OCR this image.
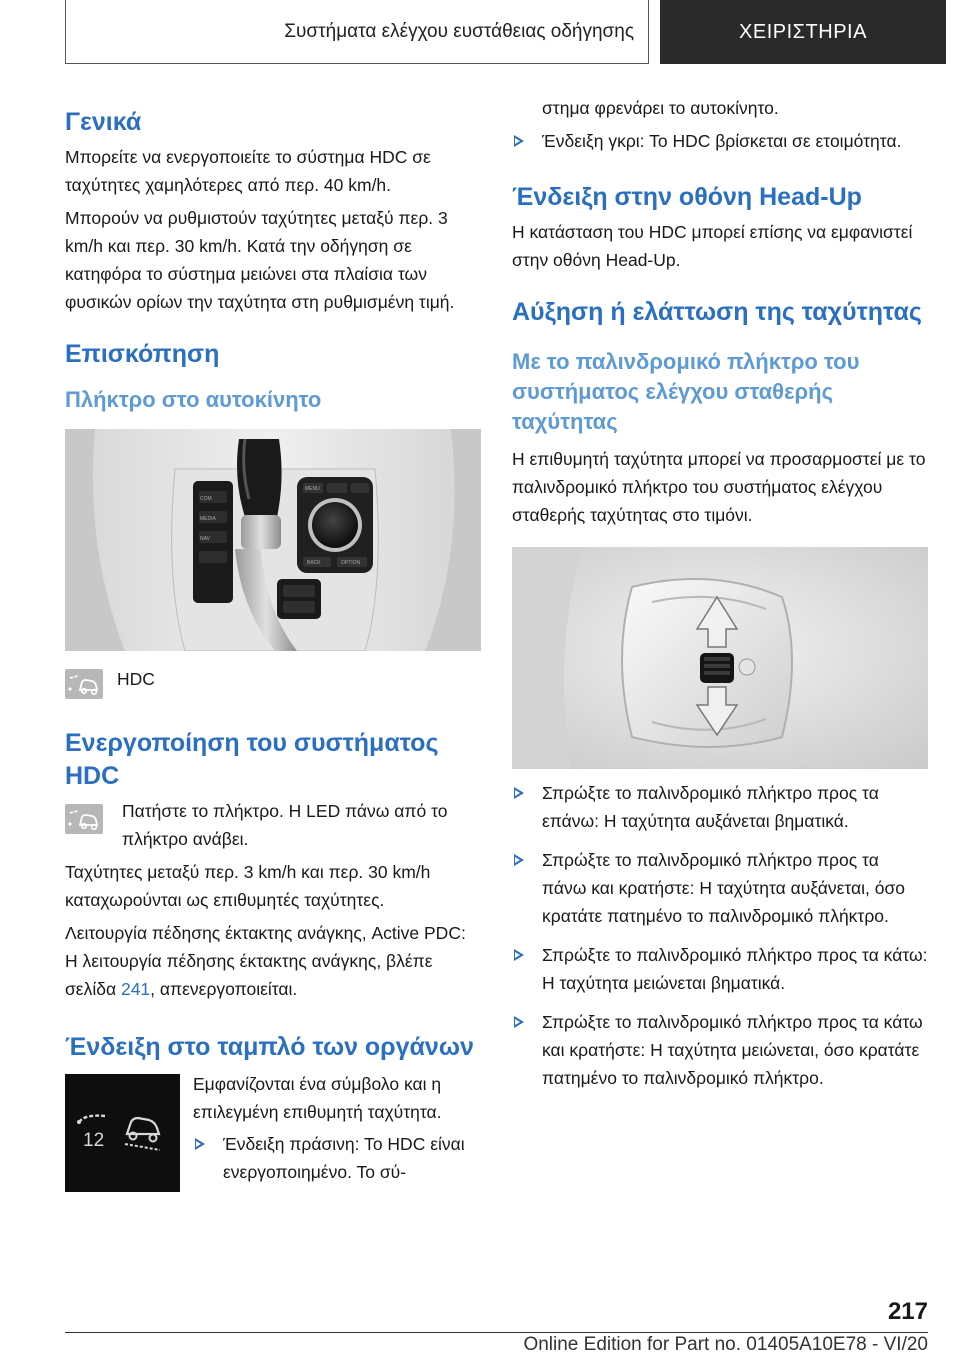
Συστήματα ελέγχου ευστάθειας οδήγησης	ΧΕΙΡΙΣΤΗΡΙΑ
Γενικά

Μπορείτε να ενεργοποιείτε το σύστημα HDC σε ταχύτητες χαμηλότερες από περ. 40 km/h.

Μπορούν να ρυθμιστούν ταχύτητες μεταξύ περ. 3 km/h και περ. 30 km/h. Κατά την οδήγηση σε κατηφόρα το σύστημα μειώνει στα πλαίσια των φυσικών ορίων την ταχύτητα στη ρυθμισμένη τιμή.

Επισκόπηση
Πλήκτρο στο αυτοκίνητο
COM
MEDIA
NAV
MENU
BACK	OPTION

HDC

Ενεργοποίηση του συστήματος HDC

Πατήστε το πλήκτρο. Η LED πάνω από το πλήκτρο ανάβει.

Ταχύτητες μεταξύ περ. 3 km/h και περ. 30 km/h καταχωρούνται ως επιθυμητές ταχύτητες.

Λειτουργία πέδησης έκτακτης ανάγκης, Active PDC: Η λειτουργία πέδησης έκτακτης ανάγκης, βλέπε σελίδα 241, απενεργοποιείται.

Ένδειξη στο ταμπλό των οργάνων
12

Εμφανίζονται ένα σύμβολο και η επιλεγμένη επιθυμητή ταχύτητα.

Ένδειξη πράσινη: Το HDC είναι ενεργοποιημένο. Το σύ-

στημα φρενάρει το αυτοκίνητο.

Ένδειξη γκρι: Το HDC βρίσκεται σε ετοιμότητα.

Ένδειξη στην οθόνη Head-Up

Η κατάσταση του HDC μπορεί επίσης να εμφανιστεί στην οθόνη Head-Up.

Αύξηση ή ελάττωση της ταχύτητας
Με το παλινδρομικό πλήκτρο του συστήματος ελέγχου σταθερής ταχύτητας

Η επιθυμητή ταχύτητα μπορεί να προσαρμοστεί με το παλινδρομικό πλήκτρο του συστήματος ελέγχου σταθερής ταχύτητας στο τιμόνι.

Σπρώξτε το παλινδρομικό πλήκτρο προς τα επάνω: Η ταχύτητα αυξάνεται βηματικά.

Σπρώξτε το παλινδρομικό πλήκτρο προς τα πάνω και κρατήστε: Η ταχύτητα αυξάνεται, όσο κρατάτε πατημένο το παλινδρομικό πλήκτρο.

Σπρώξτε το παλινδρομικό πλήκτρο προς τα κάτω: Η ταχύτητα μειώνεται βηματικά.

Σπρώξτε το παλινδρομικό πλήκτρο προς τα κάτω και κρατήστε: Η ταχύτητα μειώνεται, όσο κρατάτε πατημένο το παλινδρομικό πλήκτρο.

217
Online Edition for Part no. 01405A10E78 - VI/20
